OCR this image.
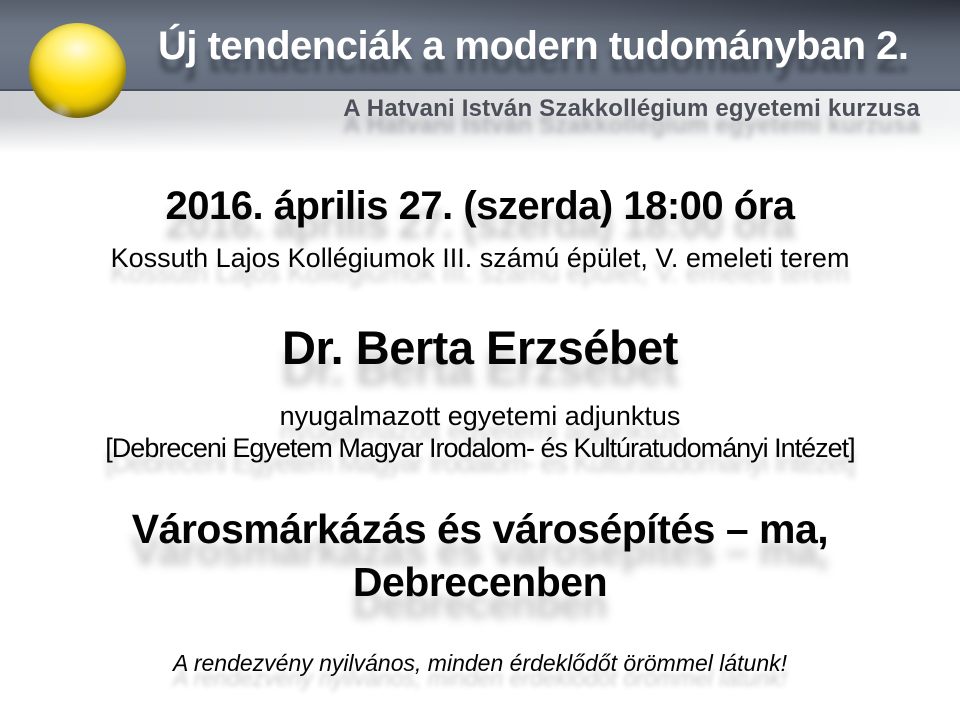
Új tendenciák a modern tudományban 2.
A Hatvani István Szakkollégium egyetemi kurzusa
2016. április 27. (szerda) 18:00 óra
Kossuth Lajos Kollégiumok III. számú épület, V. emeleti terem
Dr. Berta Erzsébet
nyugalmazott egyetemi adjunktus
[Debreceni Egyetem Magyar Irodalom- és Kultúratudományi Intézet]
Városmárkázás és városépítés – ma,
Debrecenben
A rendezvény nyilvános, minden érdeklődőt örömmel látunk!
